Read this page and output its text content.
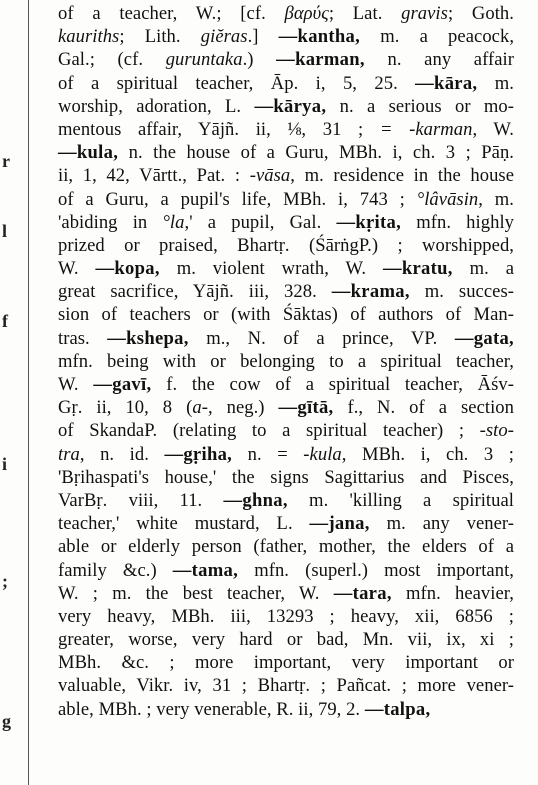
r
l
f
i
;
g
of a teacher, W.; [cf. βαρύς; Lat. gravis; Goth.
kauriths; Lith. giĕras.] —kantha, m. a peacock,
Gal.; (cf. guruntaka.) —karman, n. any affair
of a spiritual teacher, Āp. i, 5, 25. —kāra, m.
worship, adoration, L. —kārya, n. a serious or mo-
mentous affair, Yājñ. ii, ⅛, 31 ; = -karman, W.
—kula, n. the house of a Guru, MBh. i, ch. 3 ; Pāṇ.
ii, 1, 42, Vārtt., Pat. : -vāsa, m. residence in the house
of a Guru, a pupil's life, MBh. i, 743 ; °lâvāsin, m.
'abiding in °la,' a pupil, Gal. —kṛita, mfn. highly
prized or praised, Bhartṛ. (ŚārṅgP.) ; worshipped,
W. —kopa, m. violent wrath, W. —kratu, m. a
great sacrifice, Yājñ. iii, 328. —krama, m. succes-
sion of teachers or (with Śāktas) of authors of Man-
tras. —kshepa, m., N. of a prince, VP. —gata,
mfn. being with or belonging to a spiritual teacher,
W. —gavī, f. the cow of a spiritual teacher, Āśv-
Gṛ. ii, 10, 8 (a-, neg.) —gītā, f., N. of a section
of SkandaP. (relating to a spiritual teacher) ; -sto-
tra, n. id. —gṛiha, n. = -kula, MBh. i, ch. 3 ;
'Bṛihaspati's house,' the signs Sagittarius and Pisces,
VarBṛ. viii, 11. —ghna, m. 'killing a spiritual
teacher,' white mustard, L. —jana, m. any vener-
able or elderly person (father, mother, the elders of a
family &c.) —tama, mfn. (superl.) most important,
W. ; m. the best teacher, W. —tara, mfn. heavier,
very heavy, MBh. iii, 13293 ; heavy, xii, 6856 ;
greater, worse, very hard or bad, Mn. vii, ix, xi ;
MBh. &c. ; more important, very important or
valuable, Vikr. iv, 31 ; Bhartṛ. ; Pañcat. ; more vener-
able, MBh. ; very venerable, R. ii, 79, 2. —talpa,
